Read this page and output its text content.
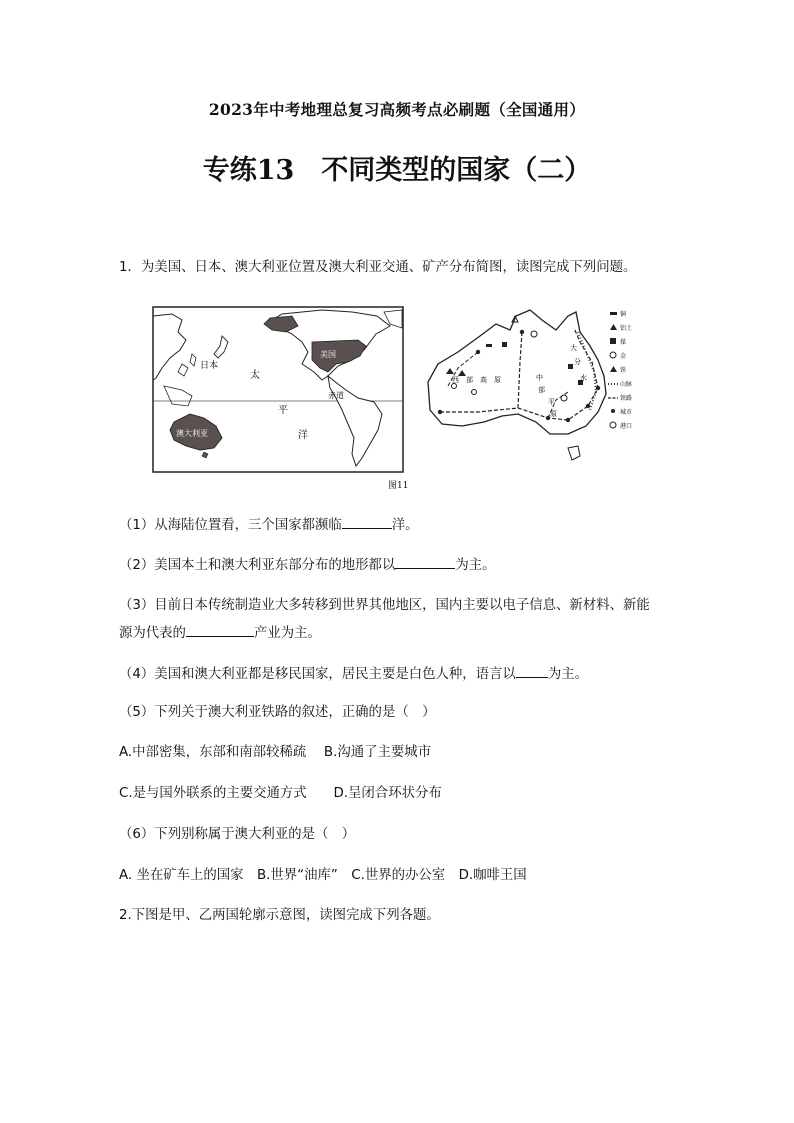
2023年中考地理总复习高频考点必刷题（全国通用）
专练13　不同类型的国家（二）
1．为美国、日本、澳大利亚位置及澳大利亚交通、矿产分布简图，读图完成下列问题。
日本
太
平
洋
赤道
美国
澳大利亚
西 部 高 原	中
部
平
原
大
分
水
铜
铝土
煤
金
铁
山脉
铁路
城市
港口
图11
（1）从海陆位置看，三个国家都濒临	洋。
（2）美国本土和澳大利亚东部分布的地形都以	为主。
（3）目前日本传统制造业大多转移到世界其他地区，国内主要以电子信息、新材料、新能
源为代表的	产业为主。
（4）美国和澳大利亚都是移民国家，居民主要是白色人种，语言以 为主。
（5）下列关于澳大利亚铁路的叙述，正确的是（　）
A.中部密集，东部和南部较稀疏　 B.沟通了主要城市
C.是与国外联系的主要交通方式　　D.呈闭合环状分布
（6）下列别称属于澳大利亚的是（　）
A. 坐在矿车上的国家　B.世界“油库”　C.世界的办公室　D.咖啡王国
2.下图是甲、乙两国轮廓示意图，读图完成下列各题。
